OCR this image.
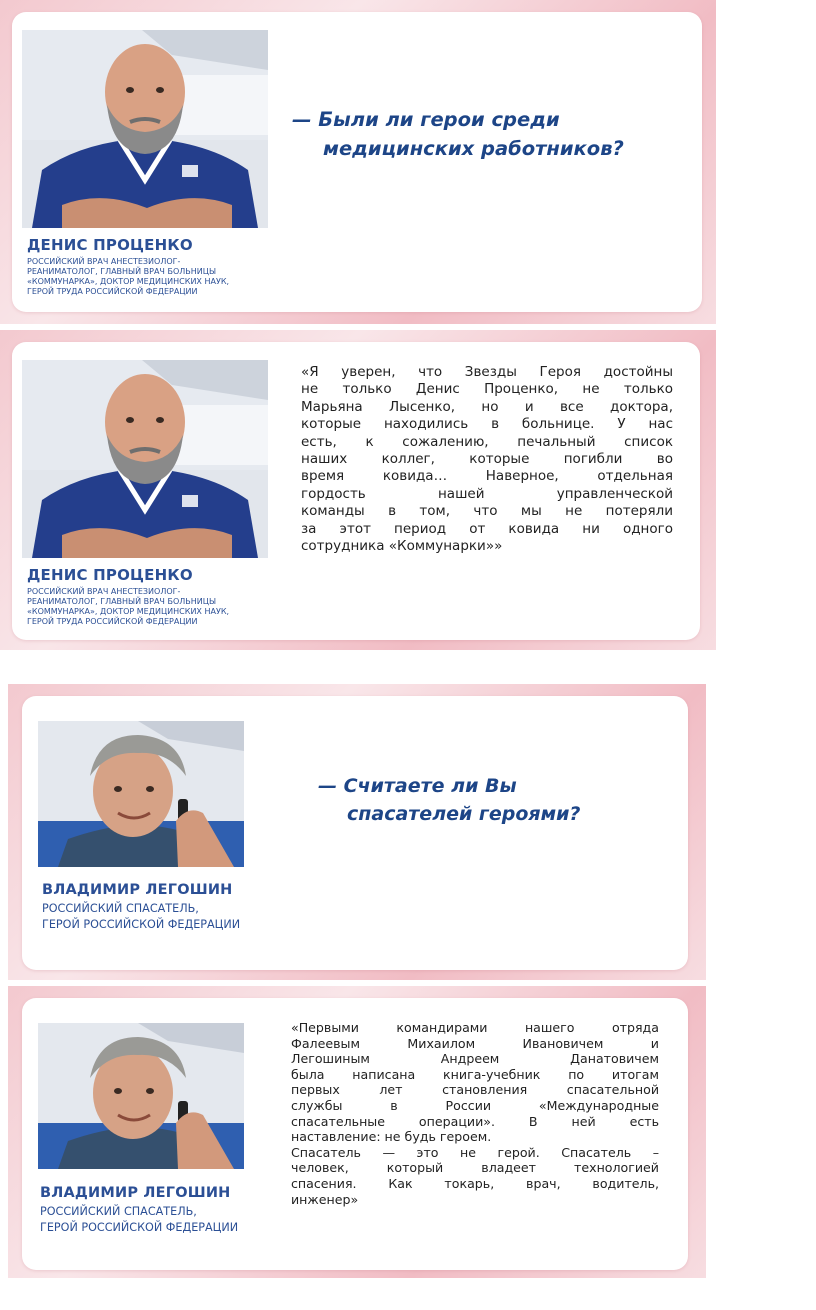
ДЕНИС ПРОЦЕНКО
РОССИЙСКИЙ ВРАЧ АНЕСТЕЗИОЛОГ-
РЕАНИМАТОЛОГ, ГЛАВНЫЙ ВРАЧ БОЛЬНИЦЫ
«КОММУНАРКА», ДОКТОР МЕДИЦИНСКИХ НАУК,
ГЕРОЙ ТРУДА РОССИЙСКОЙ ФЕДЕРАЦИИ
— Были ли герои среди
медицинских работников?
ДЕНИС ПРОЦЕНКО
РОССИЙСКИЙ ВРАЧ АНЕСТЕЗИОЛОГ-
РЕАНИМАТОЛОГ, ГЛАВНЫЙ ВРАЧ БОЛЬНИЦЫ
«КОММУНАРКА», ДОКТОР МЕДИЦИНСКИХ НАУК,
ГЕРОЙ ТРУДА РОССИЙСКОЙ ФЕДЕРАЦИИ
«Я уверен, что Звезды Героя достойны
не только Денис Проценко, не только
Марьяна Лысенко, но и все доктора,
которые находились в больнице. У нас
есть, к сожалению, печальный список
наших коллег, которые погибли во
время ковида… Наверное, отдельная
гордость нашей управленческой
команды в том, что мы не потеряли
за этот период от ковида ни одного
сотрудника «Коммунарки»»
ВЛАДИМИР ЛЕГОШИН
РОССИЙСКИЙ СПАСАТЕЛЬ,
ГЕРОЙ РОССИЙСКОЙ ФЕДЕРАЦИИ
— Считаете ли Вы
спасателей героями?
ВЛАДИМИР ЛЕГОШИН
РОССИЙСКИЙ СПАСАТЕЛЬ,
ГЕРОЙ РОССИЙСКОЙ ФЕДЕРАЦИИ
«Первыми командирами нашего отряда
Фалеевым Михаилом Ивановичем и
Легошиным Андреем Данатовичем
была написана книга-учебник по итогам
первых лет становления спасательной
службы в России «Международные
спасательные операции». В ней есть
наставление: не будь героем.
Спасатель — это не герой. Спасатель –
человек, который владеет технологией
спасения. Как токарь, врач, водитель,
инженер»
